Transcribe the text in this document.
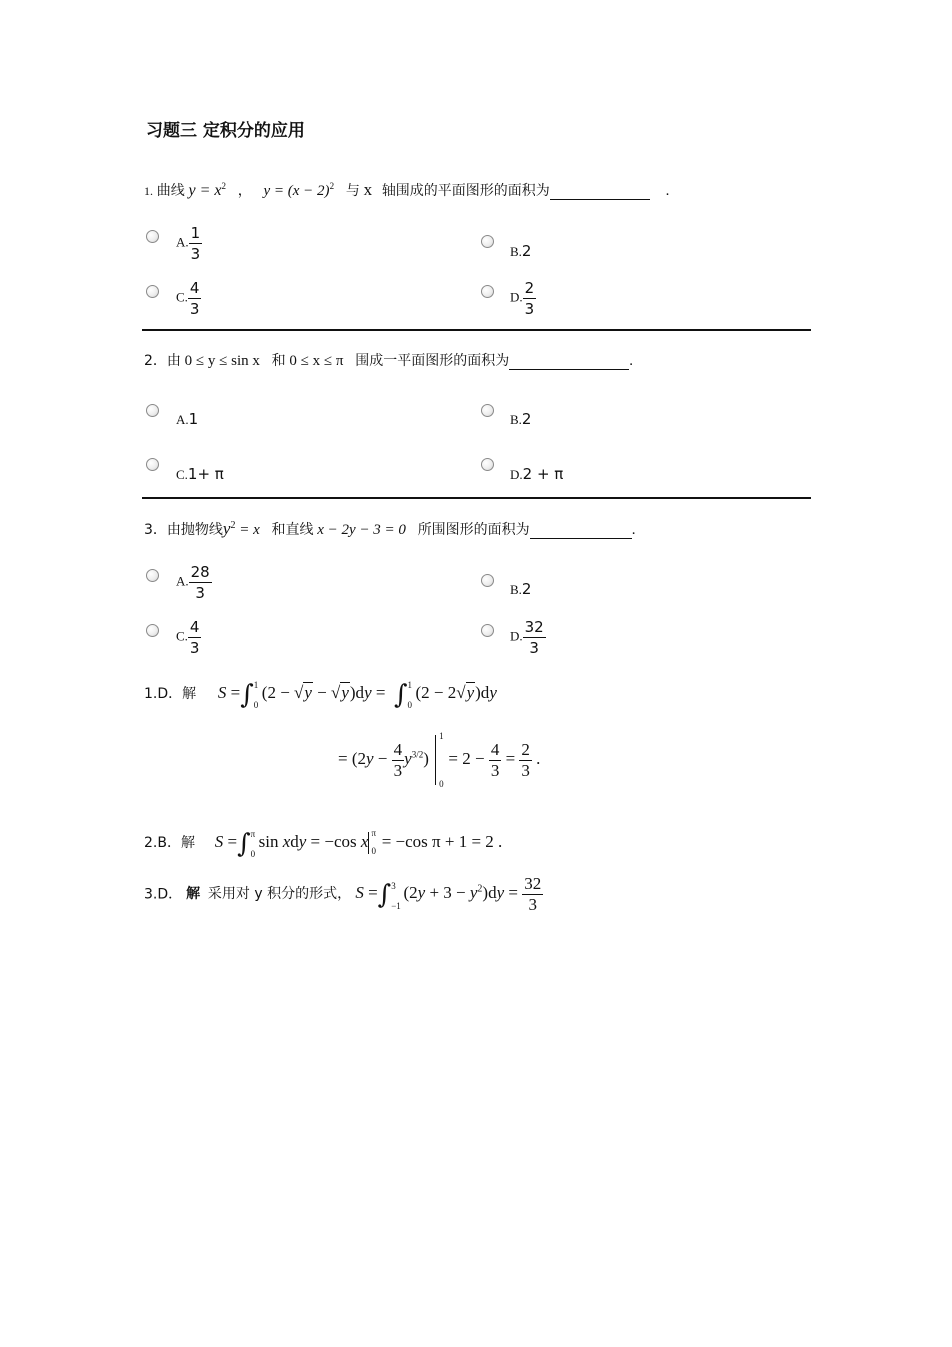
习题三 定积分的应用
1. 曲线 $y = x^2$ ， $y = (x - 2)^2$ 与 x 轴围成的平面图形的面积为	.
A. $\frac{1}{3}$	B.2
C. $\frac{4}{3}$	D. $\frac{2}{3}$
2．由 0 ≤ y ≤ sin x 和 0 ≤ x ≤ π 围成一平面图形的面积为	.
A.1	B.2
C.1+ π	D.2 + π
3．由抛物线$y^2 = x$ 和直线 x − 2y − 3 = 0 所围图形的面积为	.
A. $\frac{28}{3}$	B.2
C. $\frac{4}{3}$	D. $\frac{32}{3}$
1.D．解 S =∫ 1
0
(2 − √y − √y)dy =  ∫ 1
0
(2 − 2√y)dy
= $(2y - \frac{4}{3} y^{3/2})$
1
0
= $2 - \frac{4}{3} = \frac{2}{3}$ .
2.B．解 S =∫ π
0
sin xdy = −cos x π
0
= −cos π + 1 = 2 .
3.D． 解 采用对 y 积分的形式， S =∫ 3
−1
$(2y + 3 - y^2)dy = \frac{32}{3}$
